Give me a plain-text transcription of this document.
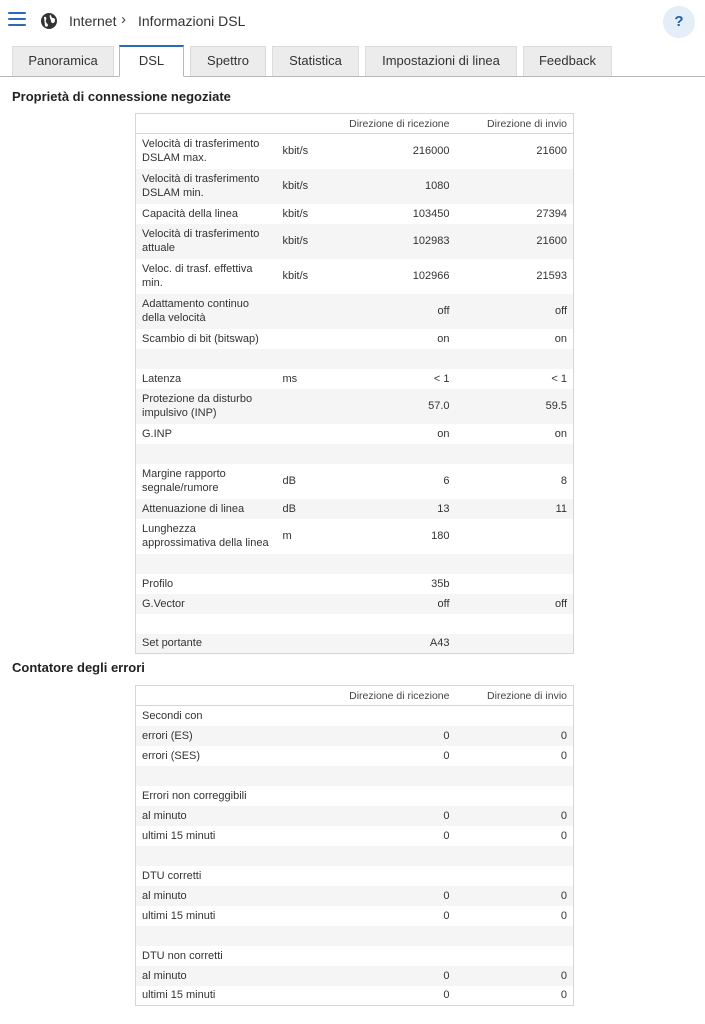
Internet › Informazioni DSL	?
Panoramica	DSL	Spettro	Statistica	Impostazioni di linea	Feedback
Proprietà di connessione negoziate
		Direzione di ricezione	Direzione di invio
Velocità di trasferimento DSLAM max.	kbit/s	216000	21600
Velocità di trasferimento DSLAM min.	kbit/s	1080	
Capacità della linea	kbit/s	103450	27394
Velocità di trasferimento attuale	kbit/s	102983	21600
Veloc. di trasf. effettiva min.	kbit/s	102966	21593
Adattamento continuo della velocità		off	off
Scambio di bit (bitswap)		on	on

Latenza	ms	< 1	< 1
Protezione da disturbo impulsivo (INP)		57.0	59.5
G.INP		on	on

Margine rapporto segnale/rumore	dB	6	8
Attenuazione di linea	dB	13	11
Lunghezza approssimativa della linea	m	180	

Profilo		35b	
G.Vector		off	off

Set portante		A43	
Contatore degli errori
		Direzione di ricezione	Direzione di invio
Secondi con			
errori (ES)		0	0
errori (SES)		0	0

Errori non correggibili			
al minuto		0	0
ultimi 15 minuti		0	0

DTU corretti			
al minuto		0	0
ultimi 15 minuti		0	0

DTU non corretti			
al minuto		0	0
ultimi 15 minuti		0	0
